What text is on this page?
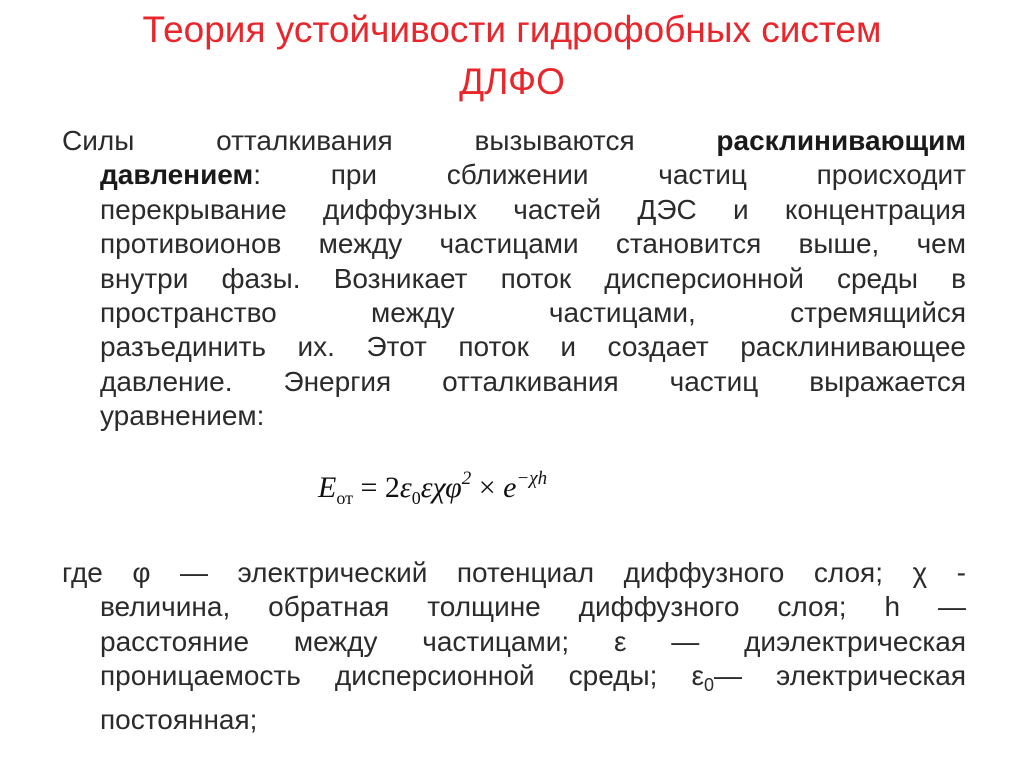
Теория устойчивости гидрофобных систем
ДЛФО
Силы	отталкивания	вызываются	расклинивающим
давлением: при сближении частиц происходит
перекрывание диффузных частей ДЭС и концентрация
противоионов между частицами становится выше, чем
внутри фазы. Возникает поток дисперсионной среды в
пространство между частицами, стремящийся
разъединить их. Этот поток и создает расклинивающее
давление. Энергия отталкивания частиц выражается
уравнением:
$E_{от} = 2\varepsilon_0\varepsilon\chi\varphi^2 \times e^{-\chi h}$
где φ — электрический потенциал диффузного слоя; χ -
величина, обратная толщине диффузного слоя; h —
расстояние между частицами; ε — диэлектрическая
проницаемость дисперсионной среды; $\varepsilon_0—$ электрическая
постоянная;
